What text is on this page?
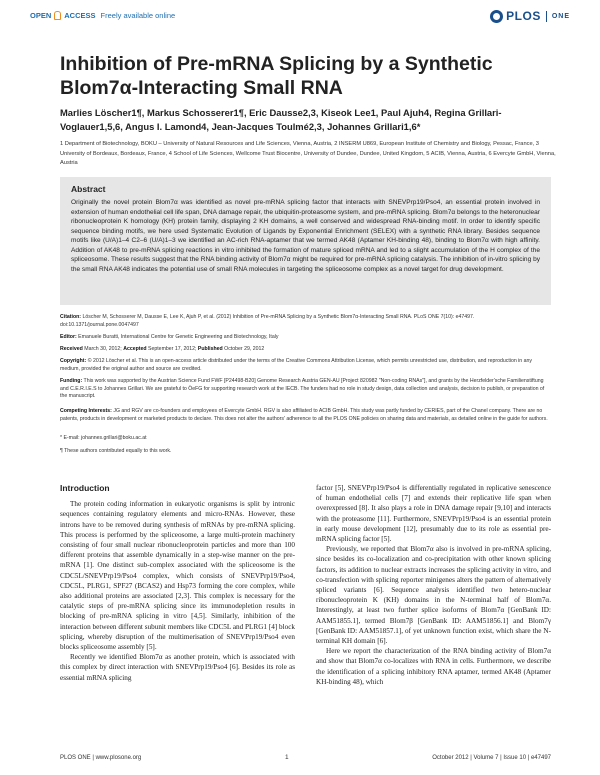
OPEN ACCESS Freely available online	PLOS ONE
Inhibition of Pre-mRNA Splicing by a Synthetic Blom7α-Interacting Small RNA
Marlies Löscher1¶, Markus Schosserer1¶, Eric Dausse2,3, Kiseok Lee1, Paul Ajuh4, Regina Grillari-Voglauer1,5,6, Angus I. Lamond4, Jean-Jacques Toulmé2,3, Johannes Grillari1,6*
1 Department of Biotechnology, BOKU – University of Natural Resources and Life Sciences, Vienna, Austria, 2 INSERM U869, European Institute of Chemistry and Biology, Pessac, France, 3 University of Bordeaux, Bordeaux, France, 4 School of Life Sciences, Wellcome Trust Biocentre, University of Dundee, Dundee, United Kingdom, 5 ACIB, Vienna, Austria, 6 Evercyte GmbH, Vienna, Austria
Abstract

Originally the novel protein Blom7α was identified as novel pre-mRNA splicing factor that interacts with SNEVPrp19/Pso4, an essential protein involved in extension of human endothelial cell life span, DNA damage repair, the ubiquitin-proteasome system, and pre-mRNA splicing. Blom7α belongs to the heteronuclear ribonucleoprotein K homology (KH) protein family, displaying 2 KH domains, a well conserved and widespread RNA-binding motif. In order to identify specific sequence binding motifs, we here used Systematic Evolution of Ligands by Exponential Enrichment (SELEX) with a synthetic RNA library. Besides sequence motifs like (U/A)1–4 C2–6 (U/A)1–3 we identified an AC-rich RNA-aptamer that we termed AK48 (Aptamer KH-binding 48), binding to Blom7α with high affinity. Addition of AK48 to pre-mRNA splicing reactions in vitro inhibited the formation of mature spliced mRNA and led to a slight accumulation of the H complex of the spliceosome. These results suggest that the RNA binding activity of Blom7α might be required for pre-mRNA splicing catalysis. The inhibition of in-vitro splicing by the small RNA AK48 indicates the potential use of small RNA molecules in targeting the spliceosome complex as a novel target for drug development.

Citation: Löscher M, Schosserer M, Dausse E, Lee K, Ajuh P, et al. (2012) Inhibition of Pre-mRNA Splicing by a Synthetic Blom7α-Interacting Small RNA. PLoS ONE 7(10): e47497. doi:10.1371/journal.pone.0047497
Editor: Emanuele Buratti, International Centre for Genetic Engineering and Biotechnology, Italy
Received March 30, 2012; Accepted September 17, 2012; Published October 29, 2012
Copyright: © 2012 Löscher et al. This is an open-access article distributed under the terms of the Creative Commons Attribution License, which permits unrestricted use, distribution, and reproduction in any medium, provided the original author and source are credited.
Funding: This work was supported by the Austrian Science Fund FWF [P24498-B20] Genome Research Austria GEN-AU [Project 820982 "Non-coding RNAs"], and grants by the Herzfelder'sche Familienstiftung and C.E.R.I.E.S to Johannes Grillari. We are grateful to ÖeFG for supporting research work at the IECB. The funders had no role in study design, data collection and analysis, decision to publish, or preparation of the manuscript.
Competing Interests: JG and RGV are co-founders and employees of Evercyte GmbH. RGV is also affiliated to ACIB GmbH. This study was partly funded by CERIES, part of the Chanel company. There are no patents, products in development or marketed products to declare. This does not alter the authors' adherence to all the PLOS ONE policies on sharing data and materials, as detailed online in the guide for authors.
* E-mail: johannes.grillari@boku.ac.at
¶ These authors contributed equally to this work.
Introduction

The protein coding information in eukaryotic organisms is split by intronic sequences containing regulatory elements and micro-RNAs. However, these introns have to be removed during synthesis of mRNAs by pre-mRNA splicing. This process is performed by the spliceosome, a large multi-protein machinery consisting of four small nuclear ribonucleoprotein particles and more than 100 different proteins that assemble dynamically in a step-wise manner on the pre-mRNA [1]. One distinct sub-complex associated with the spliceosome is the CDC5L/SNEVPrp19/Pso4 complex, which consists of SNEVPrp19/Pso4, CDC5L, PLRG1, SPF27 (BCAS2) and Hsp73 forming the core complex, while also additional proteins are associated [2,3]. This complex is necessary for the catalytic steps of pre-mRNA splicing since its immunodepletion results in blocking of pre-mRNA splicing in vitro [4,5]. Similarly, inhibition of the interaction between different subunit members like CDC5L and PLRG1 [4] block splicing, whereby disruption of the multimerisation of SNEVPrp19/Pso4 even blocks spliceosome assembly [5].

Recently we identified Blom7α as another protein, which is associated with this complex by direct interaction with SNEVPrp19/Pso4 [6]. Besides its role as essential mRNA splicing

factor [5], SNEVPrp19/Pso4 is differentially regulated in replicative senescence of human endothelial cells [7] and extends their replicative life span when overexpressed [8]. It also plays a role in DNA damage repair [9,10] and interacts with the proteasome [11]. Furthermore, SNEVPrp19/Pso4 is an essential protein in early mouse development [12], presumably due to its role as essential pre-mRNA splicing factor [5].

Previously, we reported that Blom7α also is involved in pre-mRNA splicing, since besides its co-localization and co-precipitation with other known splicing factors, its addition to nuclear extracts increases the splicing activity in vitro, and co-transfection with splicing reporter minigenes alters the pattern of alternatively spliced variants [6]. Sequence analysis identified two hetero-nuclear ribonucleoprotein K (KH) domains in the N-terminal half of Blom7α. Interestingly, at least two further splice isoforms of Blom7α [GenBank ID: AAM51855.1], termed Blom7β [GenBank ID: AAM51856.1] and Blom7γ [GenBank ID: AAM51857.1], of yet unknown function exist, which share the N-terminal KH domain [6].

Here we report the characterization of the RNA binding activity of Blom7α and show that Blom7α co-localizes with RNA in cells. Furthermore, we describe the identification of a splicing inhibitory RNA aptamer, termed AK48 (Aptamer KH-binding 48), which

PLOS ONE | www.plosone.org	1	October 2012 | Volume 7 | Issue 10 | e47497
